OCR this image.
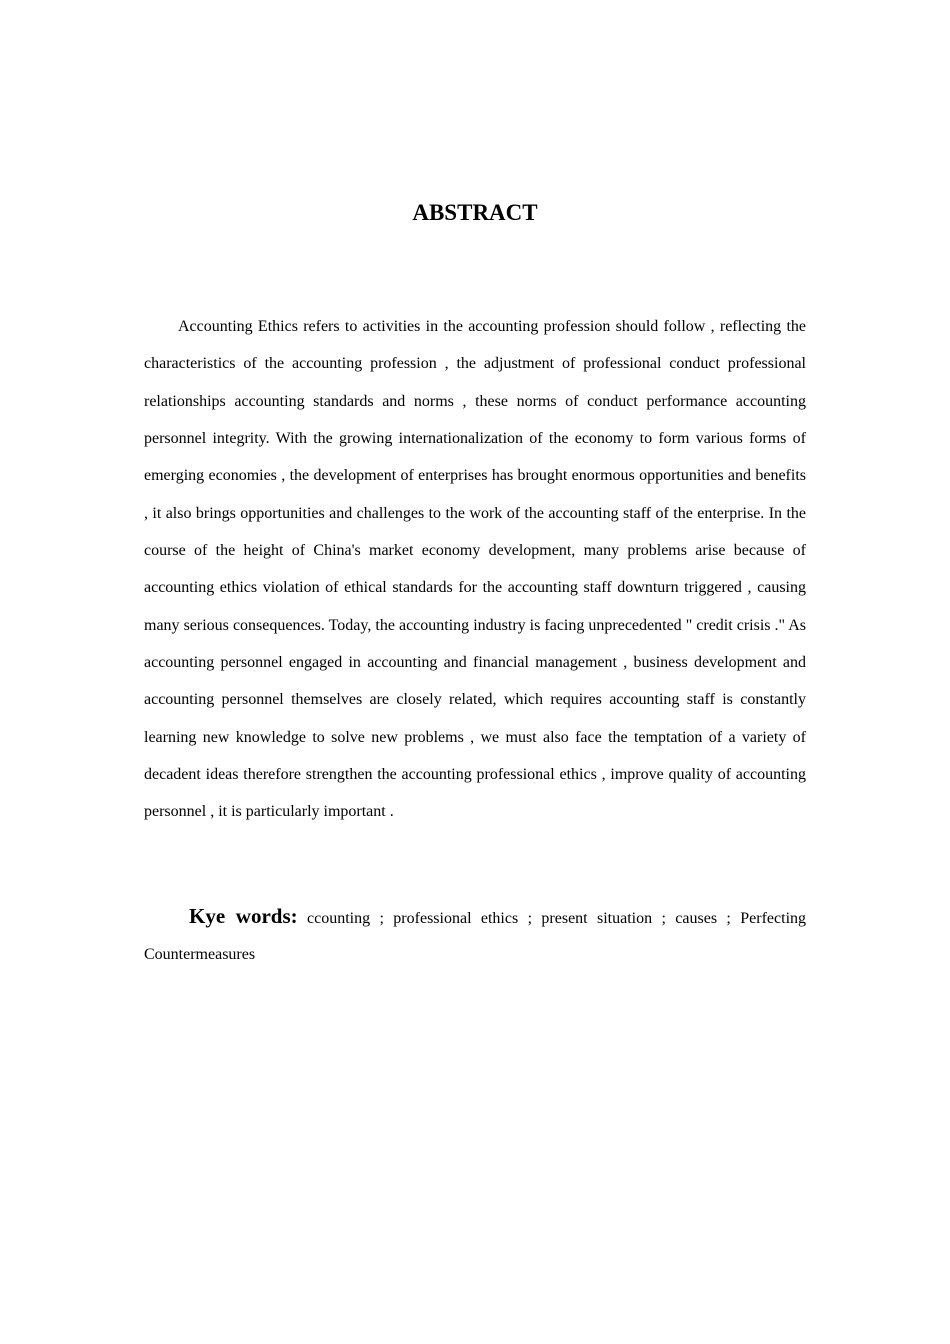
ABSTRACT

Accounting Ethics refers to activities in the accounting profession should follow , reflecting the characteristics of the accounting profession , the adjustment of professional conduct professional relationships accounting standards and norms , these norms of conduct performance accounting personnel integrity. With the growing internationalization of the economy to form various forms of emerging economies , the development of enterprises has brought enormous opportunities and benefits , it also brings opportunities and challenges to the work of the accounting staff of the enterprise. In the course of the height of China's market economy development, many problems arise because of accounting ethics violation of ethical standards for the accounting staff downturn triggered , causing many serious consequences. Today, the accounting industry is facing unprecedented " credit crisis ." As accounting personnel engaged in accounting and financial management , business development and accounting personnel themselves are closely related, which requires accounting staff is constantly learning new knowledge to solve new problems , we must also face the temptation of a variety of decadent ideas therefore strengthen the accounting professional ethics , improve quality of accounting personnel , it is particularly important .

Kye words: ccounting ; professional ethics ; present situation ; causes ; Perfecting Countermeasures
